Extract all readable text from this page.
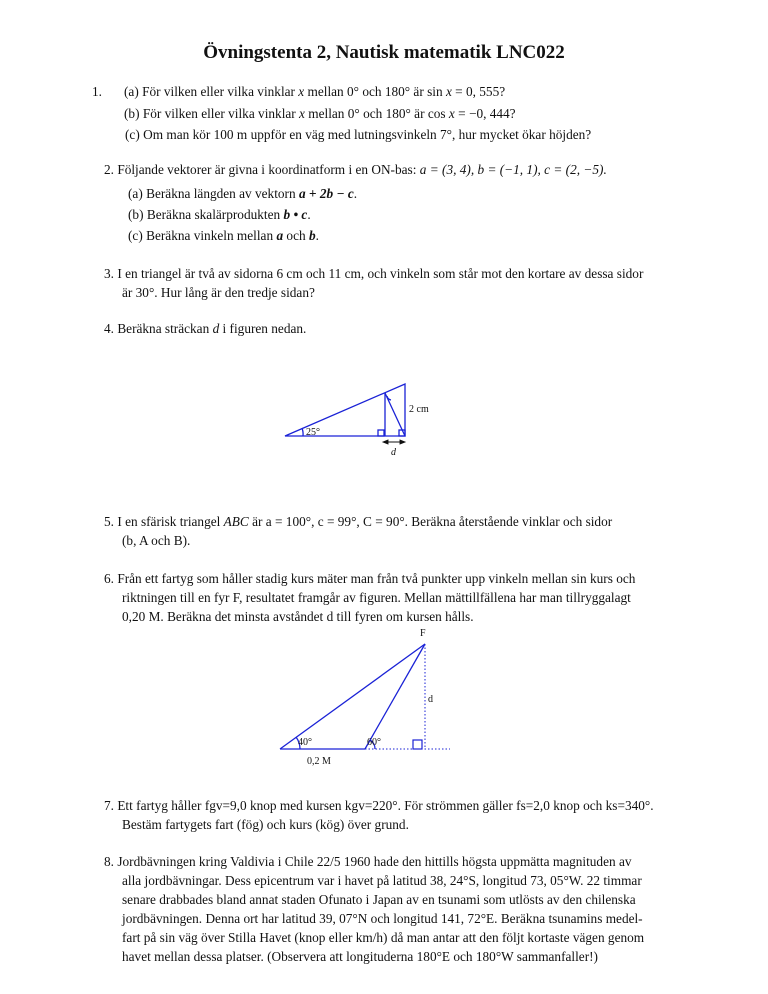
Övningstenta 2, Nautisk matematik LNC022
1. (a) För vilken eller vilka vinklar x mellan 0° och 180° är sin x = 0, 555?
(b) För vilken eller vilka vinklar x mellan 0° och 180° är cos x = −0, 444?
(c) Om man kör 100 m uppför en väg med lutningsvinkeln 7°, hur mycket ökar höjden?
2. Följande vektorer är givna i koordinatform i en ON-bas: a = (3, 4), b = (−1, 1), c = (2, −5).
(a) Beräkna längden av vektorn a + 2b − c.
(b) Beräkna skalärprodukten b • c.
(c) Beräkna vinkeln mellan a och b.
3. I en triangel är två av sidorna 6 cm och 11 cm, och vinkeln som står mot den kortare av dessa sidor
är 30°. Hur lång är den tredje sidan?
4. Beräkna sträckan d i figuren nedan.
25°
2 cm
d
5. I en sfärisk triangel ABC är a = 100°, c = 99°, C = 90°. Beräkna återstående vinklar och sidor
(b, A och B).
6. Från ett fartyg som håller stadig kurs mäter man från två punkter upp vinkeln mellan sin kurs och
riktningen till en fyr F, resultatet framgår av figuren. Mellan mättillfällena har man tillryggalagt
0,20 M. Beräkna det minsta avståndet d till fyren om kursen hålls.
F
d
40°	60°
0,2 M
7. Ett fartyg håller fgv=9,0 knop med kursen kgv=220°. För strömmen gäller fs=2,0 knop och ks=340°.
Bestäm fartygets fart (fög) och kurs (kög) över grund.
8. Jordbävningen kring Valdivia i Chile 22/5 1960 hade den hittills högsta uppmätta magnituden av
alla jordbävningar. Dess epicentrum var i havet på latitud 38, 24°S, longitud 73, 05°W. 22 timmar
senare drabbades bland annat staden Ofunato i Japan av en tsunami som utlösts av den chilenska
jordbävningen. Denna ort har latitud 39, 07°N och longitud 141, 72°E. Beräkna tsunamins medel-
fart på sin väg över Stilla Havet (knop eller km/h) då man antar att den följt kortaste vägen genom
havet mellan dessa platser. (Observera att longituderna 180°E och 180°W sammanfaller!)
